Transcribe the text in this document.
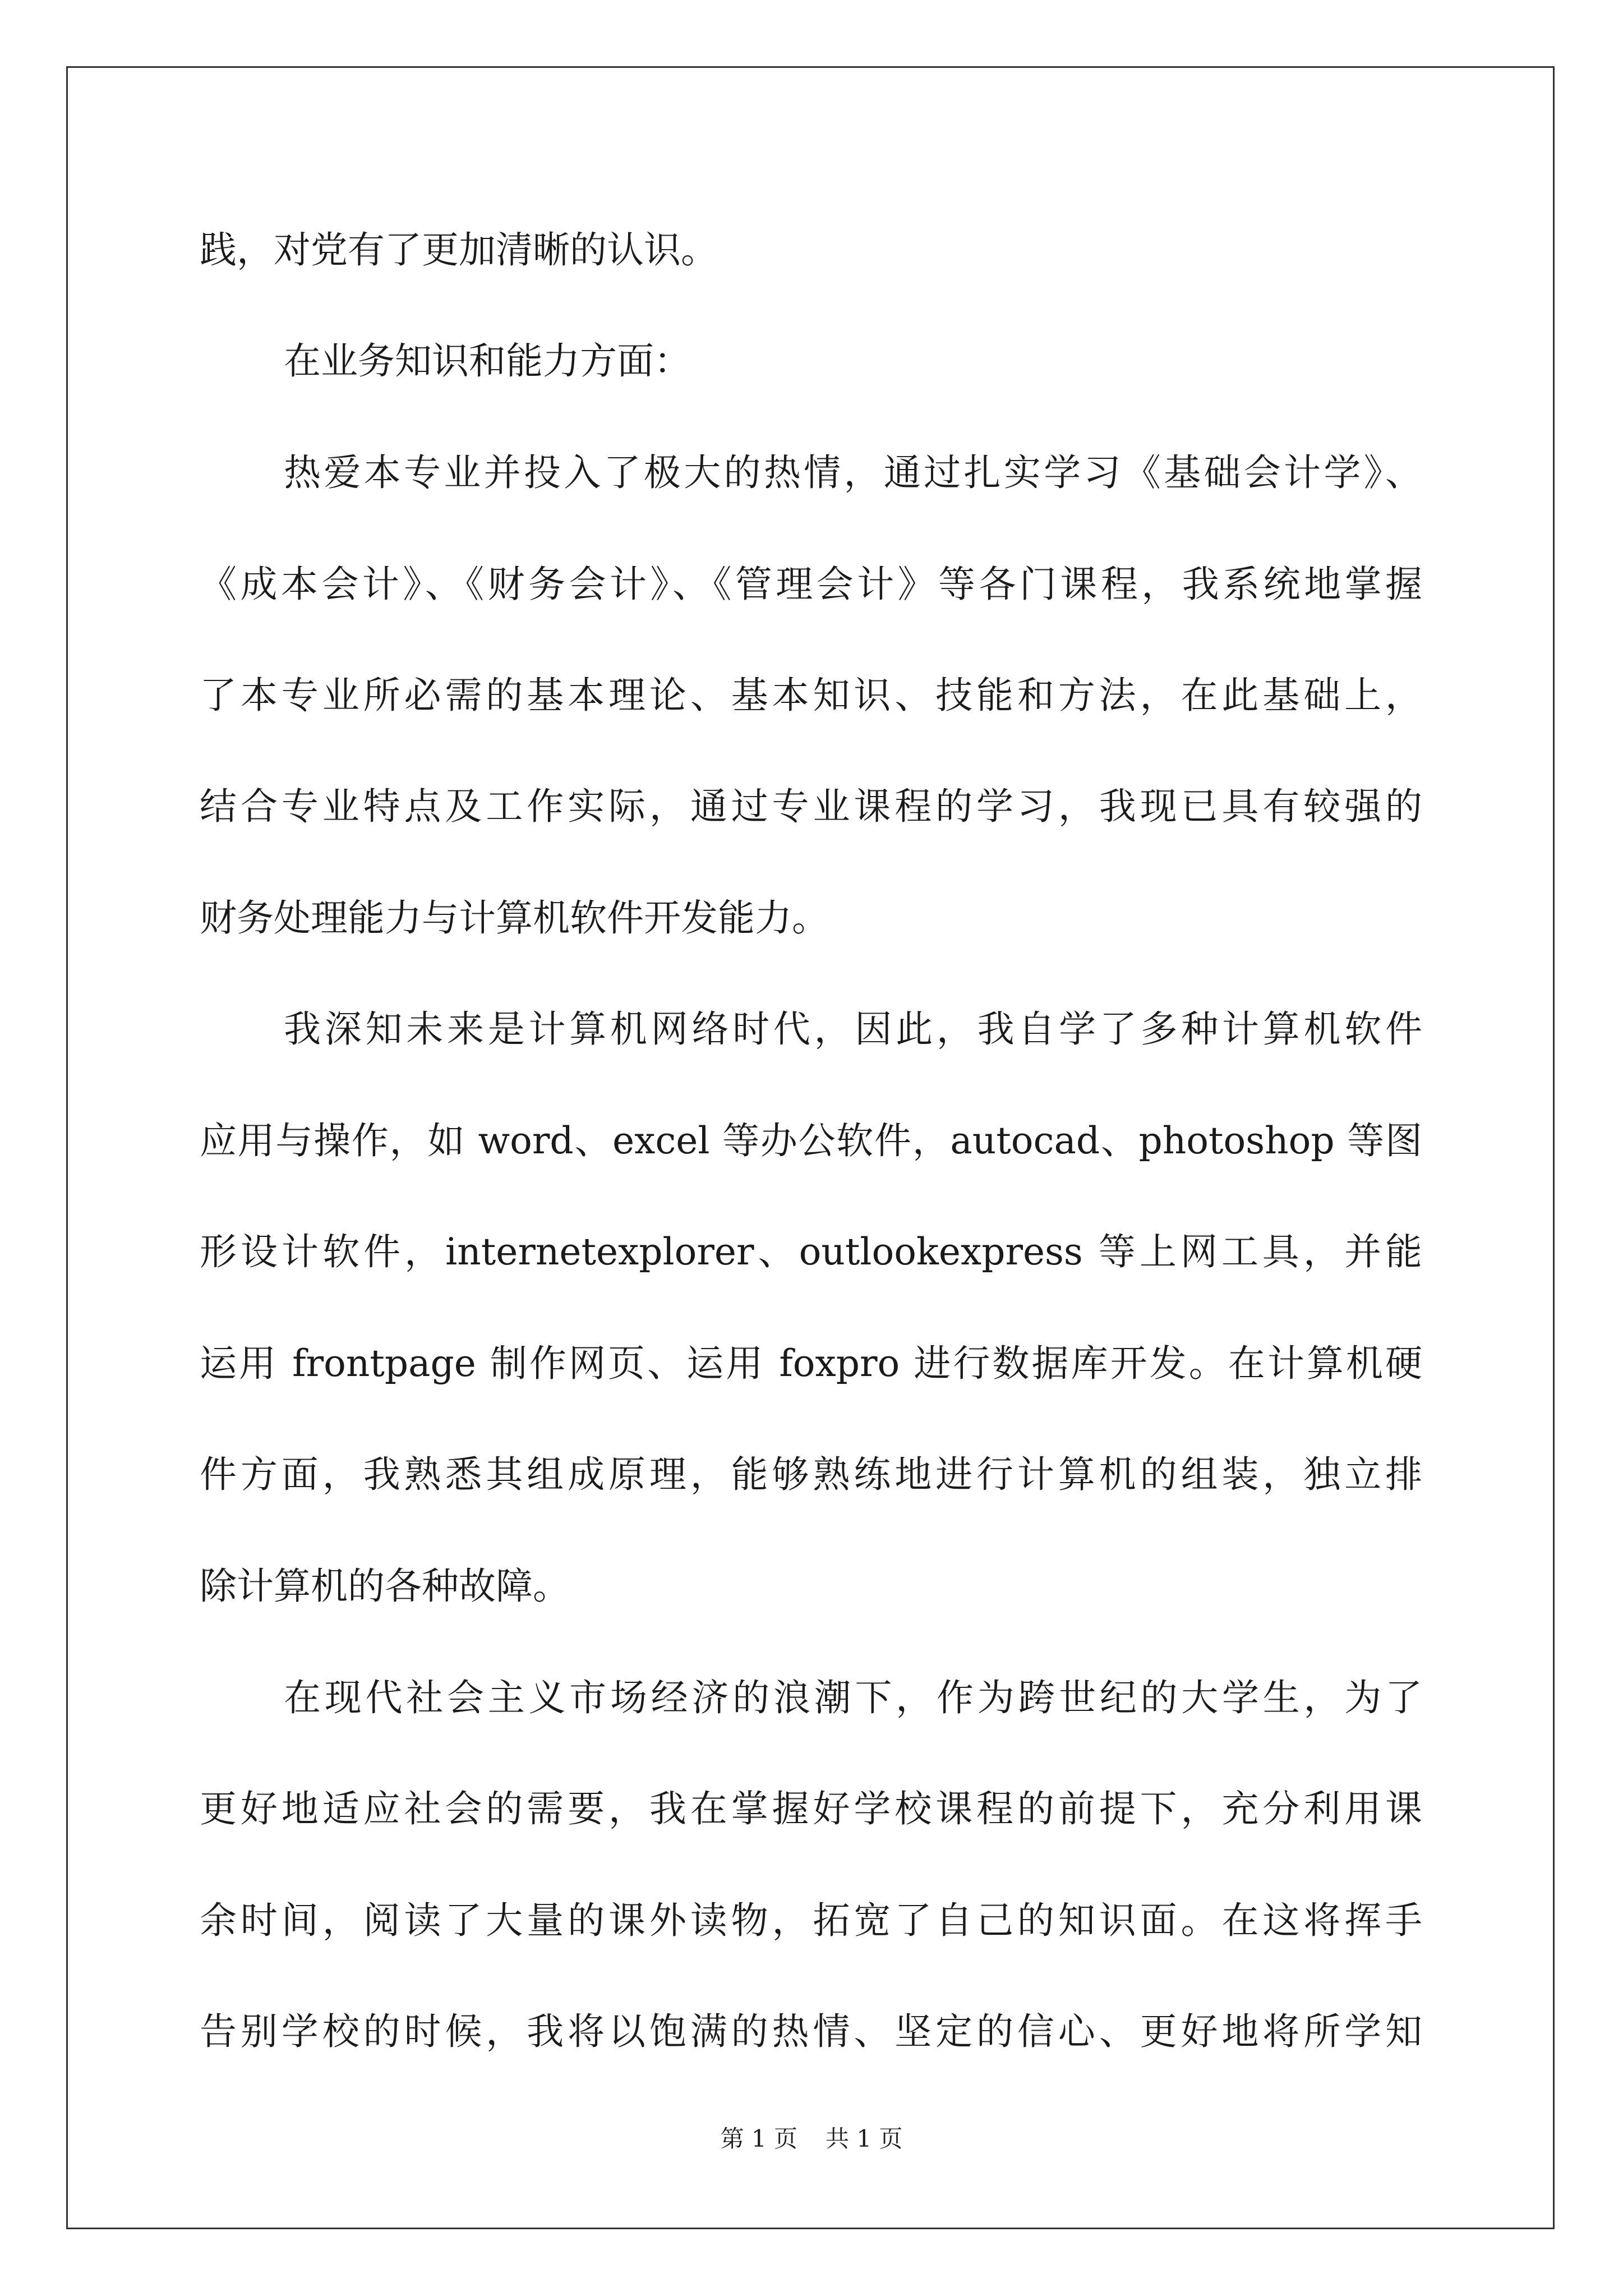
践，对党有了更加清晰的认识。
在业务知识和能力方面：
热爱本专业并投入了极大的热情，通过扎实学习《基础会计学》、
《成本会计》、《财务会计》、《管理会计》等各门课程，我系统地掌握
了本专业所必需的基本理论、基本知识、技能和方法，在此基础上，
结合专业特点及工作实际，通过专业课程的学习，我现已具有较强的
财务处理能力与计算机软件开发能力。
我深知未来是计算机网络时代，因此，我自学了多种计算机软件
应用与操作，如 word、excel 等办公软件，autocad、photoshop 等图
形设计软件，internetexplorer、outlookexpress 等上网工具，并能
运用 frontpage 制作网页、运用 foxpro 进行数据库开发。在计算机硬
件方面，我熟悉其组成原理，能够熟练地进行计算机的组装，独立排
除计算机的各种故障。
在现代社会主义市场经济的浪潮下，作为跨世纪的大学生，为了
更好地适应社会的需要，我在掌握好学校课程的前提下，充分利用课
余时间，阅读了大量的课外读物，拓宽了自己的知识面。在这将挥手
告别学校的时候，我将以饱满的热情、坚定的信心、更好地将所学知
第 1 页 共 1 页
